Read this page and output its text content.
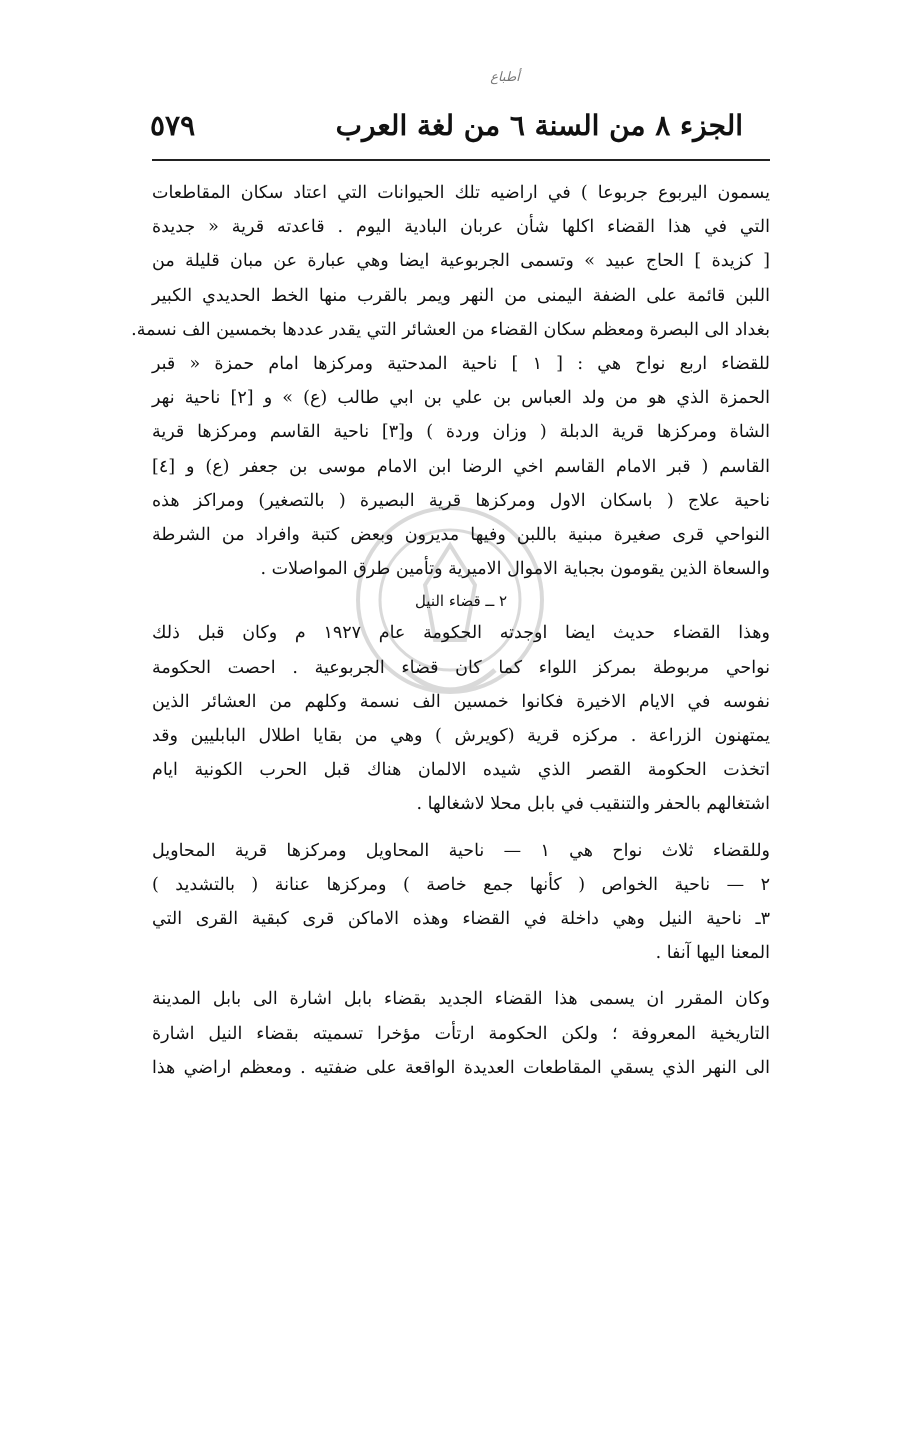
أطباع
الجزء ٨ من السنة ٦ من لغة العرب
٥٧٩
يسمون اليربوع جربوعا ) في اراضيه تلك الحيوانات التي اعتاد سكان المقاطعات
التي في هذا القضاء اكلها شأن عربان البادية اليوم . قاعدته قرية « جديدة
[ كزيدة ] الحاج عبيد » وتسمى الجربوعية ايضا وهي عبارة عن مبان قليلة من
اللبن قائمة على الضفة اليمنى من النهر ويمر بالقرب منها الخط الحديدي الكبير
بغداد الى البصرة ومعظم سكان القضاء من العشائر التي يقدر عددها بخمسين الف نسمة.
للقضاء اربع نواح هي : [ ١ ] ناحية المدحتية ومركزها امام حمزة « قبر
الحمزة الذي هو من ولد العباس بن علي بن ابي طالب (ع) » و [٢] ناحية نهر
الشاة ومركزها قرية الدبلة ( وزان وردة ) و[٣] ناحية القاسم ومركزها قرية
القاسم ( قبر الامام القاسم اخي الرضا ابن الامام موسى بن جعفر (ع) و [٤]
ناحية علاج ( باسكان الاول ومركزها قرية البصيرة ( بالتصغير) ومراكز هذه
النواحي قرى صغيرة مبنية باللبن وفيها مديرون وبعض كتبة وافراد من الشرطة
والسعاة الذين يقومون بجباية الاموال الاميرية وتأمين طرق المواصلات .
٢ ــ قضاء النيل
وهذا القضاء حديث ايضا اوجدته الحكومة عام ١٩٢٧ م وكان قبل ذلك
نواحي مربوطة بمركز اللواء كما كان قضاء الجربوعية . احصت الحكومة
نفوسه في الايام الاخيرة فكانوا خمسين الف نسمة وكلهم من العشائر الذين
يمتهنون الزراعة . مركزه قرية (كويرش ) وهي من بقايا اطلال البابليين وقد
اتخذت الحكومة القصر الذي شيده الالمان هناك قبل الحرب الكونية ايام
اشتغالهم بالحفر والتنقيب في بابل محلا لاشغالها .
وللقضاء ثلاث نواح هي ١ — ناحية المحاويل ومركزها قرية المحاويل
٢ — ناحية الخواص ( كأنها جمع خاصة ) ومركزها عنانة ( بالتشديد )
٣ـ ناحية النيل وهي داخلة في القضاء وهذه الاماكن قرى كبقية القرى التي
المعنا اليها آنفا .
وكان المقرر ان يسمى هذا القضاء الجديد بقضاء بابل اشارة الى بابل المدينة
التاريخية المعروفة ؛ ولكن الحكومة ارتأت مؤخرا تسميته بقضاء النيل اشارة
الى النهر الذي يسقي المقاطعات العديدة الواقعة على ضفتيه . ومعظم اراضي هذا
